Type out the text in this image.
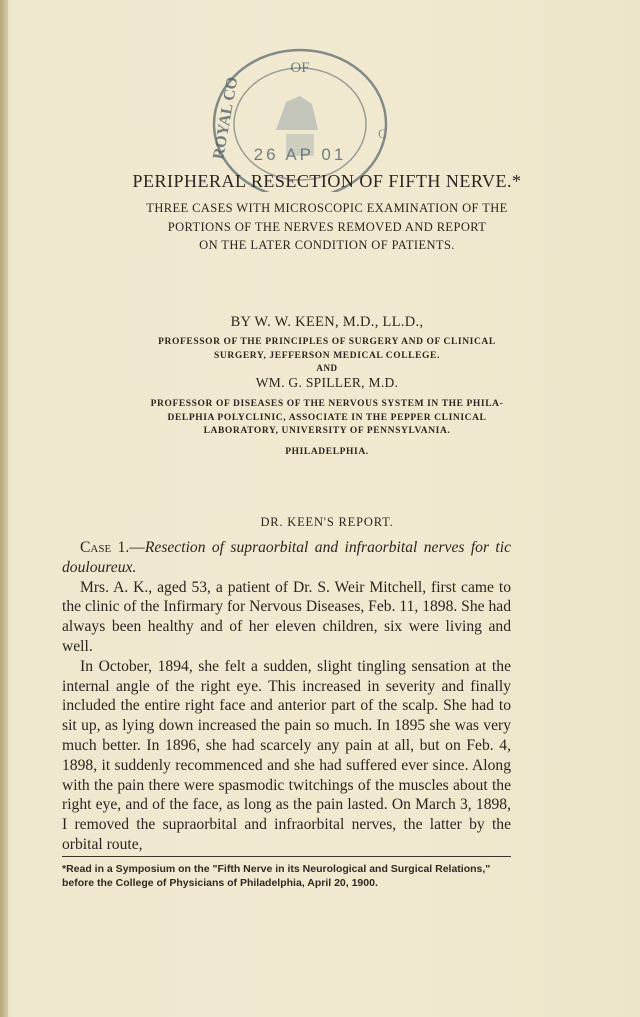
OF
ROYAL CO	C
26 AP 01
PERIPHERAL RESECTION OF FIFTH NERVE.*
THREE CASES WITH MICROSCOPIC EXAMINATION OF THE
PORTIONS OF THE NERVES REMOVED AND REPORT
ON THE LATER CONDITION OF PATIENTS.
BY W. W. KEEN, M.D., LL.D.,
PROFESSOR OF THE PRINCIPLES OF SURGERY AND OF CLINICAL
SURGERY, JEFFERSON MEDICAL COLLEGE.
AND
WM. G. SPILLER, M.D.
PROFESSOR OF DISEASES OF THE NERVOUS SYSTEM IN THE PHILA-
DELPHIA POLYCLINIC, ASSOCIATE IN THE PEPPER CLINICAL
LABORATORY, UNIVERSITY OF PENNSYLVANIA.
PHILADELPHIA.
DR. KEEN'S REPORT.

Case 1.—Resection of supraorbital and infraorbital nerves for tic douloureux.

Mrs. A. K., aged 53, a patient of Dr. S. Weir Mitchell, first came to the clinic of the Infirmary for Nervous Diseases, Feb. 11, 1898. She had always been healthy and of her eleven children, six were living and well.

In October, 1894, she felt a sudden, slight tingling sensation at the internal angle of the right eye. This increased in severity and finally included the entire right face and anterior part of the scalp. She had to sit up, as lying down increased the pain so much. In 1895 she was very much better. In 1896, she had scarcely any pain at all, but on Feb. 4, 1898, it suddenly recommenced and she had suffered ever since. Along with the pain there were spasmodic twitchings of the muscles about the right eye, and of the face, as long as the pain lasted. On March 3, 1898, I removed the supraorbital and infraorbital nerves, the latter by the orbital route,

*Read in a Symposium on the "Fifth Nerve in its Neurological and Surgical Relations," before the College of Physicians of Philadelphia, April 20, 1900.
